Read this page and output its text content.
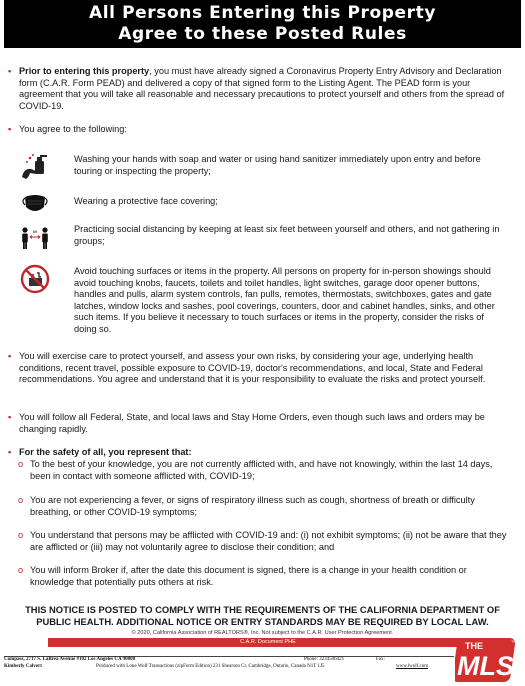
All Persons Entering this Property
Agree to these Posted Rules
• Prior to entering this property, you must have already signed a Coronavirus Property Entry Advisory and Declaration form (C.A.R. Form PEAD) and delivered a copy of that signed form to the Listing Agent. The PEAD form is your agreement that you will take all reasonable and necessary precautions to protect yourself and others from the spread of COVID-19.
• You agree to the following:
Washing your hands with soap and water or using hand sanitizer immediately upon entry and before touring or inspecting the property;
Wearing a protective face covering;
6ft	Practicing social distancing by keeping at least six feet between yourself and others, and not gathering in groups;
Avoid touching surfaces or items in the property. All persons on property for in-person showings should avoid touching knobs, faucets, toilets and toilet handles, light switches, garage door opener buttons, handles and pulls, alarm system controls, fan pulls, remotes, thermostats, switchboxes, gates and gate latches, window locks and sashes, pool coverings, counters, door and cabinet handles, sinks, and other such items. If you believe it necessary to touch surfaces or items in the property, consider the risks of doing so.
• You will exercise care to protect yourself, and assess your own risks, by considering your age, underlying health conditions, recent travel, possible exposure to COVID-19, doctor's recommendations, and local, State and Federal recommendations. You agree and understand that it is your responsibility to evaluate the risks and protect yourself.
• You will follow all Federal, State, and local laws and Stay Home Orders, even though such laws and orders may be changing rapidly.
• For the safety of all, you represent that:
o To the best of your knowledge, you are not currently afflicted with, and have not knowingly, within the last 14 days, been in contact with someone afflicted with, COVID-19;
o You are not experiencing a fever, or signs of respiratory illness such as cough, shortness of breath or difficulty breathing, or other COVID-19 symptoms;
o You understand that persons may be afflicted with COVID-19 and: (i) not exhibit symptoms; (ii) not be aware that they are afflicted or (iii) may not voluntarily agree to disclose their condition; and
o You will inform Broker if, after the date this document is signed, there is a change in your health condition or knowledge that potentially puts others at risk.
THIS NOTICE IS POSTED TO COMPLY WITH THE REQUIREMENTS OF THE CALIFORNIA DEPARTMENT OF
PUBLIC HEALTH. ADDITIONAL NOTICE OR ENTRY STANDARDS MAY BE REQUIRED BY LOCAL LAW.
© 2020, California Association of REALTORS®, Inc. Not subject to the C.A.R. User Protection Agreement.
C.A.R. Document PHE
Compass, 2717 S. LaBrea Avenue #102 Los Angeles CA 90008	Phone: 3234506421	Fax:
Kimberly Calvert	Produced with Lone Wolf Transactions (zipForm Edition) 231 Shearson Cr. Cambridge, Ontario, Canada N1T 1J5	www.lwolf.com
THE
MLS
™
